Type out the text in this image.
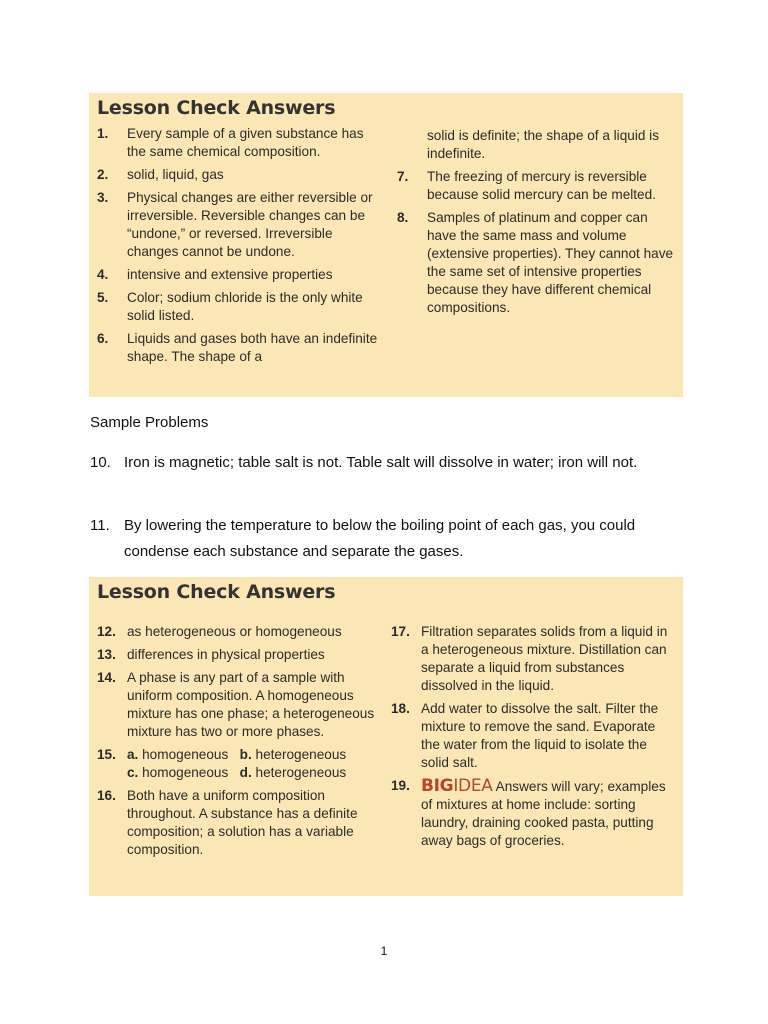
Lesson Check Answers
1.	Every sample of a given substance has the same chemical composition.
2.	solid, liquid, gas
3.	Physical changes are either reversible or irreversible. Reversible changes can be “undone,” or reversed. Irreversible changes cannot be undone.
4.	intensive and extensive properties
5.	Color; sodium chloride is the only white solid listed.
6.	Liquids and gases both have an indefinite shape. The shape of a
solid is definite; the shape of a liquid is indefinite.
7.	The freezing of mercury is reversible because solid mercury can be melted.
8.	Samples of platinum and copper can have the same mass and volume (extensive properties). They cannot have the same set of intensive properties because they have different chemical compositions.
Sample Problems
10. Iron is magnetic; table salt is not. Table salt will dissolve in water; iron will not.
11. By lowering the temperature to below the boiling point of each gas, you could condense each substance and separate the gases.
Lesson Check Answers
12. as heterogeneous or homogeneous
13. differences in physical properties
14. A phase is any part of a sample with uniform composition. A homogeneous mixture has one phase; a heterogeneous mixture has two or more phases.
15. a. homogeneous b. heterogeneous
c. homogeneous d. heterogeneous
16. Both have a uniform composition throughout. A substance has a definite composition; a solution has a variable composition.
17. Filtration separates solids from a liquid in a heterogeneous mixture. Distillation can separate a liquid from substances dissolved in the liquid.
18. Add water to dissolve the salt. Filter the mixture to remove the sand. Evaporate the water from the liquid to isolate the solid salt.
19. BIGIDEA Answers will vary; examples of mixtures at home include: sorting laundry, draining cooked pasta, putting away bags of groceries.
1
